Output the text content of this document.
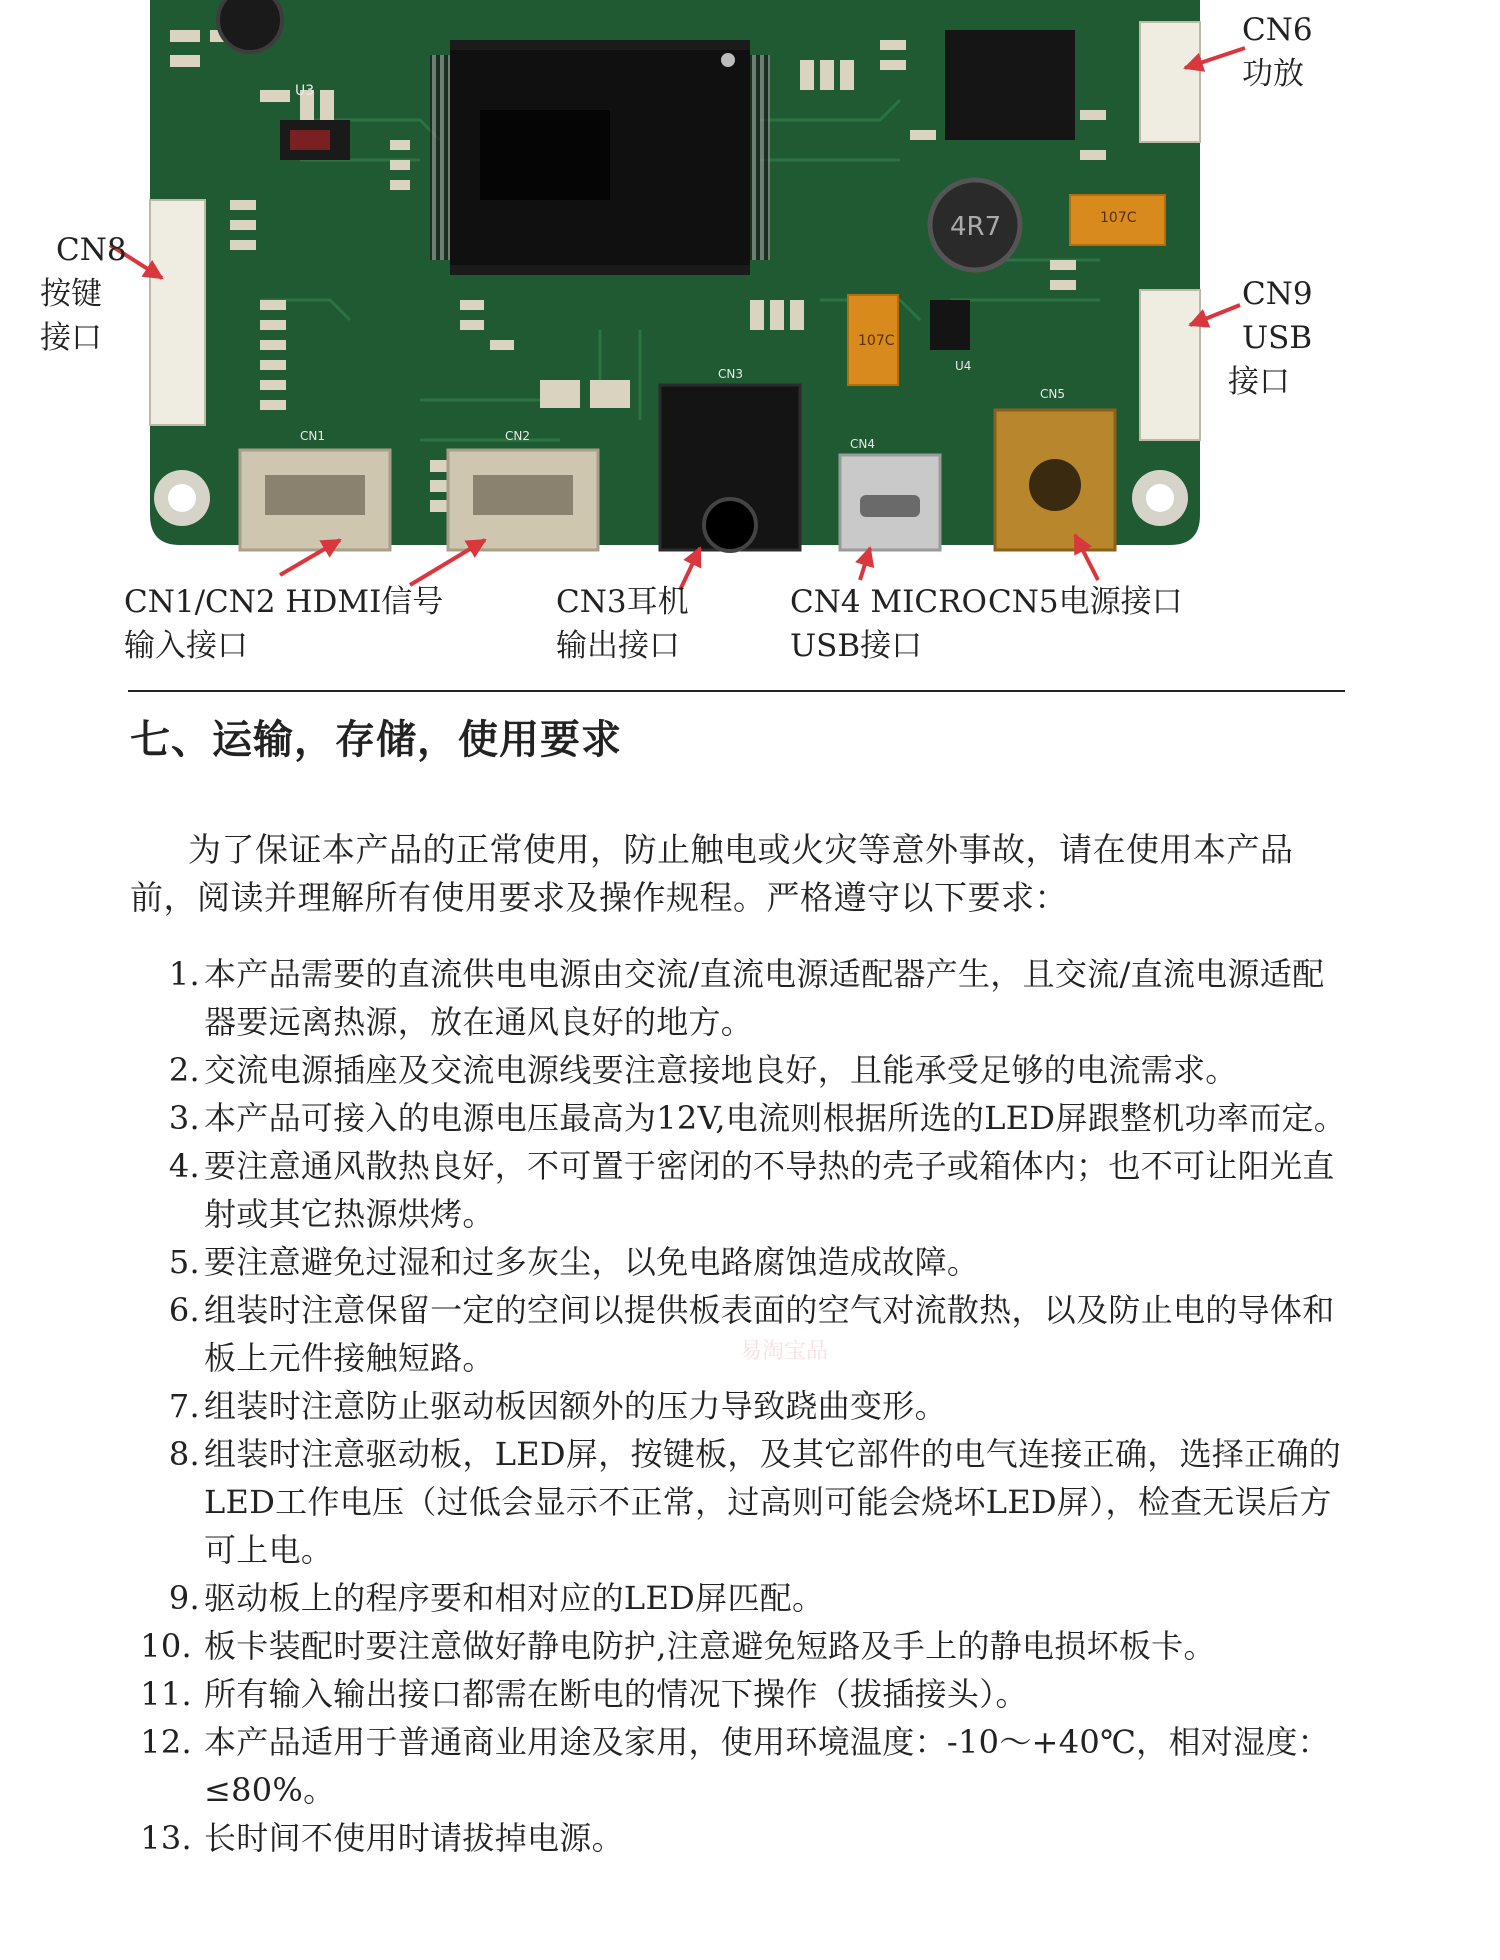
U3
4R7	107C
107C
U4
CN1	CN2
CN3
CN4
CN5
CN6
功放
CN8
按键
接口
CN9
USB
接口
CN1/CN2 HDMI信号
输入接口
CN3耳机
输出接口
CN4 MICRO
USB接口
CN5电源接口
七、运输，存储，使用要求

为了保证本产品的正常使用，防止触电或火灾等意外事故，请在使用本产品前，阅读并理解所有使用要求及操作规程。严格遵守以下要求：

1. 本产品需要的直流供电电源由交流/直流电源适配器产生，且交流/直流电源适配器要远离热源，放在通风良好的地方。
2. 交流电源插座及交流电源线要注意接地良好，且能承受足够的电流需求。
3. 本产品可接入的电源电压最高为12V,电流则根据所选的LED屏跟整机功率而定。
4. 要注意通风散热良好，不可置于密闭的不导热的壳子或箱体内；也不可让阳光直射或其它热源烘烤。
5. 要注意避免过湿和过多灰尘，以免电路腐蚀造成故障。
6. 组装时注意保留一定的空间以提供板表面的空气对流散热，以及防止电的导体和板上元件接触短路。
7. 组装时注意防止驱动板因额外的压力导致跷曲变形。
8. 组装时注意驱动板，LED屏，按键板，及其它部件的电气连接正确，选择正确的LED工作电压（过低会显示不正常，过高则可能会烧坏LED屏），检查无误后方可上电。
9. 驱动板上的程序要和相对应的LED屏匹配。
10. 板卡装配时要注意做好静电防护,注意避免短路及手上的静电损坏板卡。
11. 所有输入输出接口都需在断电的情况下操作（拔插接头）。
12. 本产品适用于普通商业用途及家用，使用环境温度：-10～+40℃，相对湿度：≤80%。
13. 长时间不使用时请拔掉电源。
易淘宝品
